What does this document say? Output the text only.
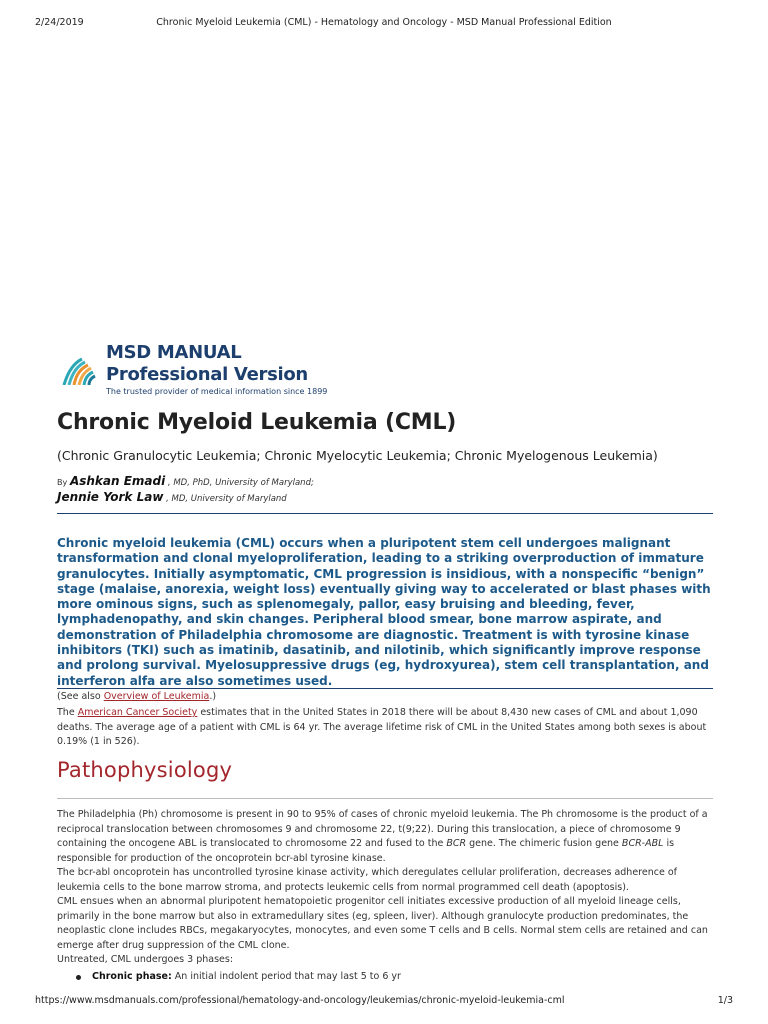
2/24/2019	Chronic Myeloid Leukemia (CML) - Hematology and Oncology - MSD Manual Professional Edition
MSD MANUAL
Professional Version
The trusted provider of medical information since 1899
Chronic Myeloid Leukemia (CML)
(Chronic Granulocytic Leukemia; Chronic Myelocytic Leukemia; Chronic Myelogenous Leukemia)
By Ashkan Emadi , MD, PhD, University of Maryland;
Jennie York Law , MD, University of Maryland
Chronic myeloid leukemia (CML) occurs when a pluripotent stem cell undergoes malignant transformation and clonal myeloproliferation, leading to a striking overproduction of immature granulocytes. Initially asymptomatic, CML progression is insidious, with a nonspecific “benign” stage (malaise, anorexia, weight loss) eventually giving way to accelerated or blast phases with more ominous signs, such as splenomegaly, pallor, easy bruising and bleeding, fever, lymphadenopathy, and skin changes. Peripheral blood smear, bone marrow aspirate, and demonstration of Philadelphia chromosome are diagnostic. Treatment is with tyrosine kinase inhibitors (TKI) such as imatinib, dasatinib, and nilotinib, which significantly improve response and prolong survival. Myelosuppressive drugs (eg, hydroxyurea), stem cell transplantation, and interferon alfa are also sometimes used.
(See also Overview of Leukemia.)
The American Cancer Society estimates that in the United States in 2018 there will be about 8,430 new cases of CML and about 1,090 deaths. The average age of a patient with CML is 64 yr. The average lifetime risk of CML in the United States among both sexes is about 0.19% (1 in 526).
Pathophysiology
The Philadelphia (Ph) chromosome is present in 90 to 95% of cases of chronic myeloid leukemia. The Ph chromosome is the product of a reciprocal translocation between chromosomes 9 and chromosome 22, t(9;22). During this translocation, a piece of chromosome 9 containing the oncogene ABL is translocated to chromosome 22 and fused to the BCR gene. The chimeric fusion gene BCR-ABL is responsible for production of the oncoprotein bcr-abl tyrosine kinase.
The bcr-abl oncoprotein has uncontrolled tyrosine kinase activity, which deregulates cellular proliferation, decreases adherence of leukemia cells to the bone marrow stroma, and protects leukemic cells from normal programmed cell death (apoptosis).
CML ensues when an abnormal pluripotent hematopoietic progenitor cell initiates excessive production of all myeloid lineage cells, primarily in the bone marrow but also in extramedullary sites (eg, spleen, liver). Although granulocyte production predominates, the neoplastic clone includes RBCs, megakaryocytes, monocytes, and even some T cells and B cells. Normal stem cells are retained and can emerge after drug suppression of the CML clone.
Untreated, CML undergoes 3 phases:
Chronic phase: An initial indolent period that may last 5 to 6 yr
https://www.msdmanuals.com/professional/hematology-and-oncology/leukemias/chronic-myeloid-leukemia-cml	1/3
